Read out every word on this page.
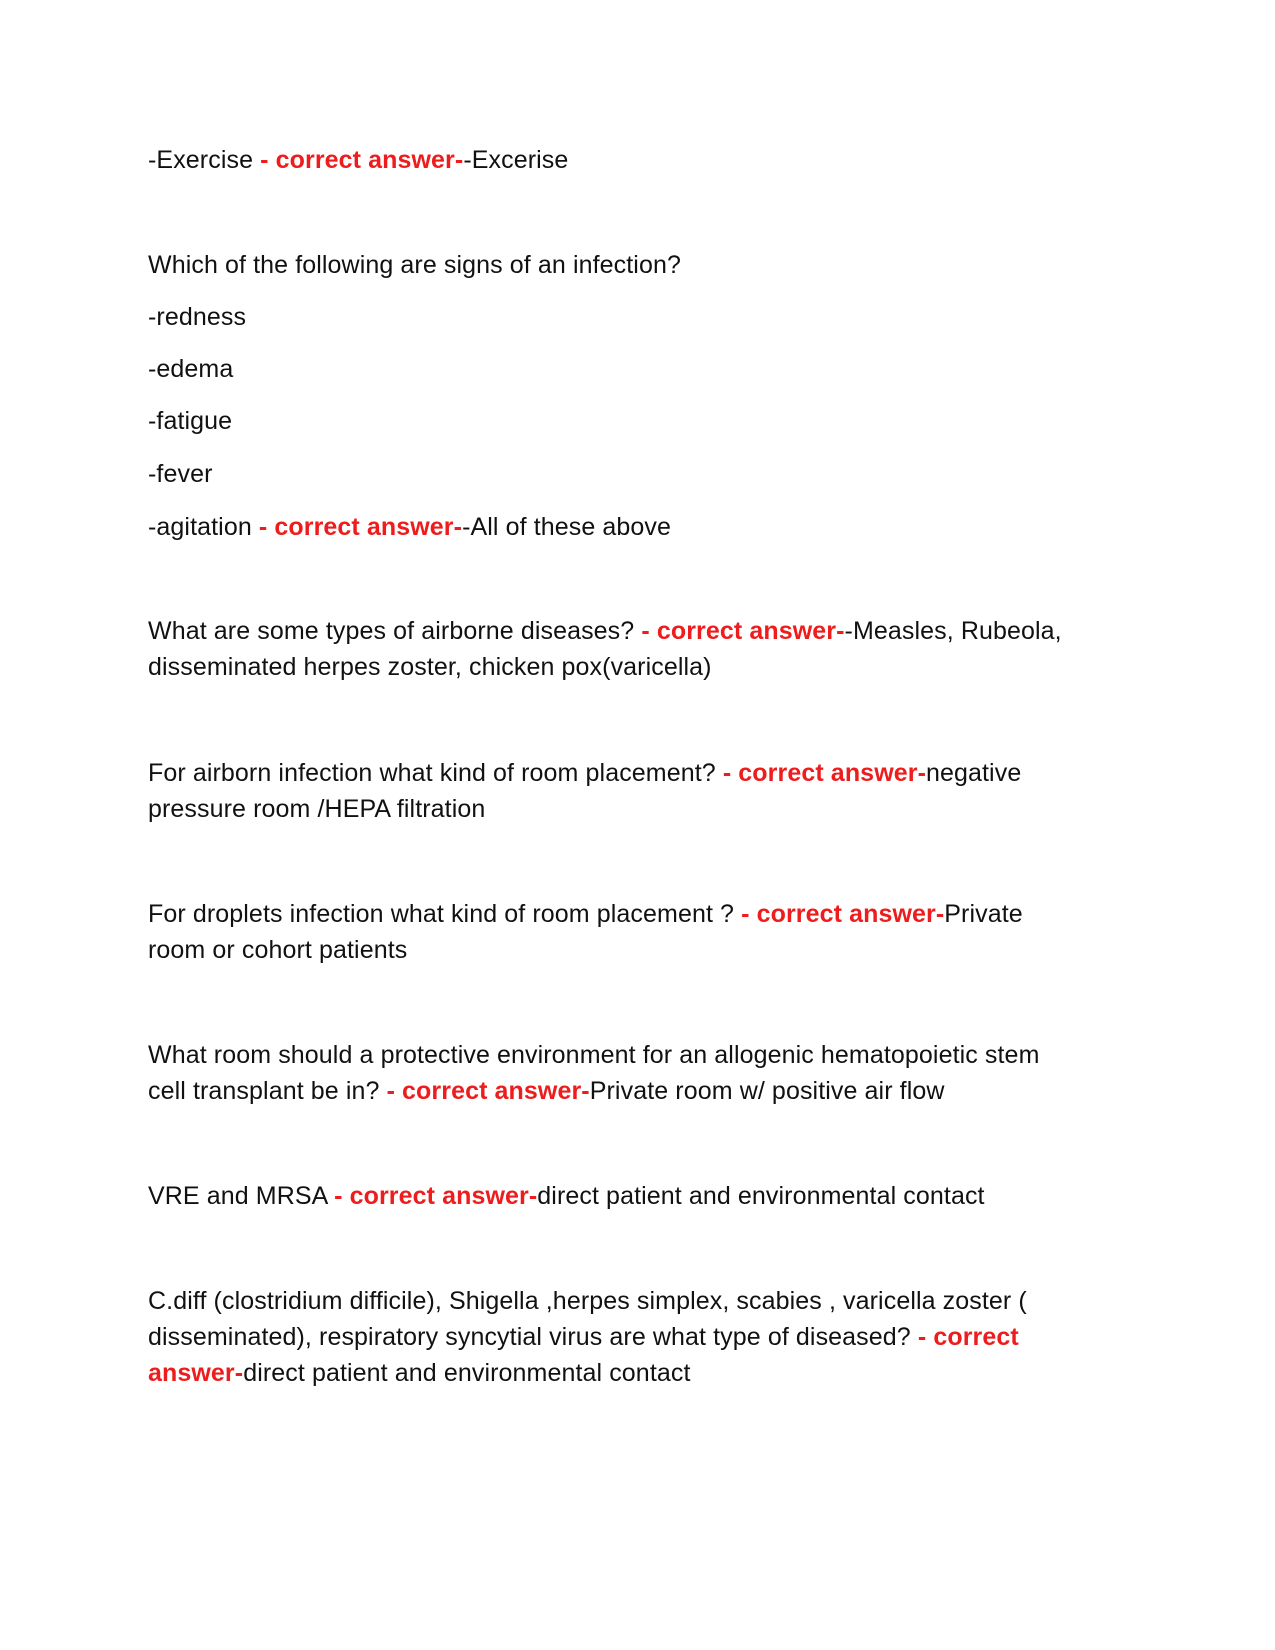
-Exercise - correct answer--Excerise
Which of the following are signs of an infection?
-redness
-edema
-fatigue
-fever
-agitation - correct answer--All of these above
What are some types of airborne diseases? - correct answer--Measles, Rubeola,
disseminated herpes zoster, chicken pox(varicella)
For airborn infection what kind of room placement? - correct answer-negative
pressure room /HEPA filtration
For droplets infection what kind of room placement ? - correct answer-Private
room or cohort patients
What room should a protective environment for an allogenic hematopoietic stem
cell transplant be in? - correct answer-Private room w/ positive air flow
VRE and MRSA - correct answer-direct patient and environmental contact
C.diff (clostridium difficile), Shigella ,herpes simplex, scabies , varicella zoster (
disseminated), respiratory syncytial virus are what type of diseased? - correct
answer-direct patient and environmental contact
